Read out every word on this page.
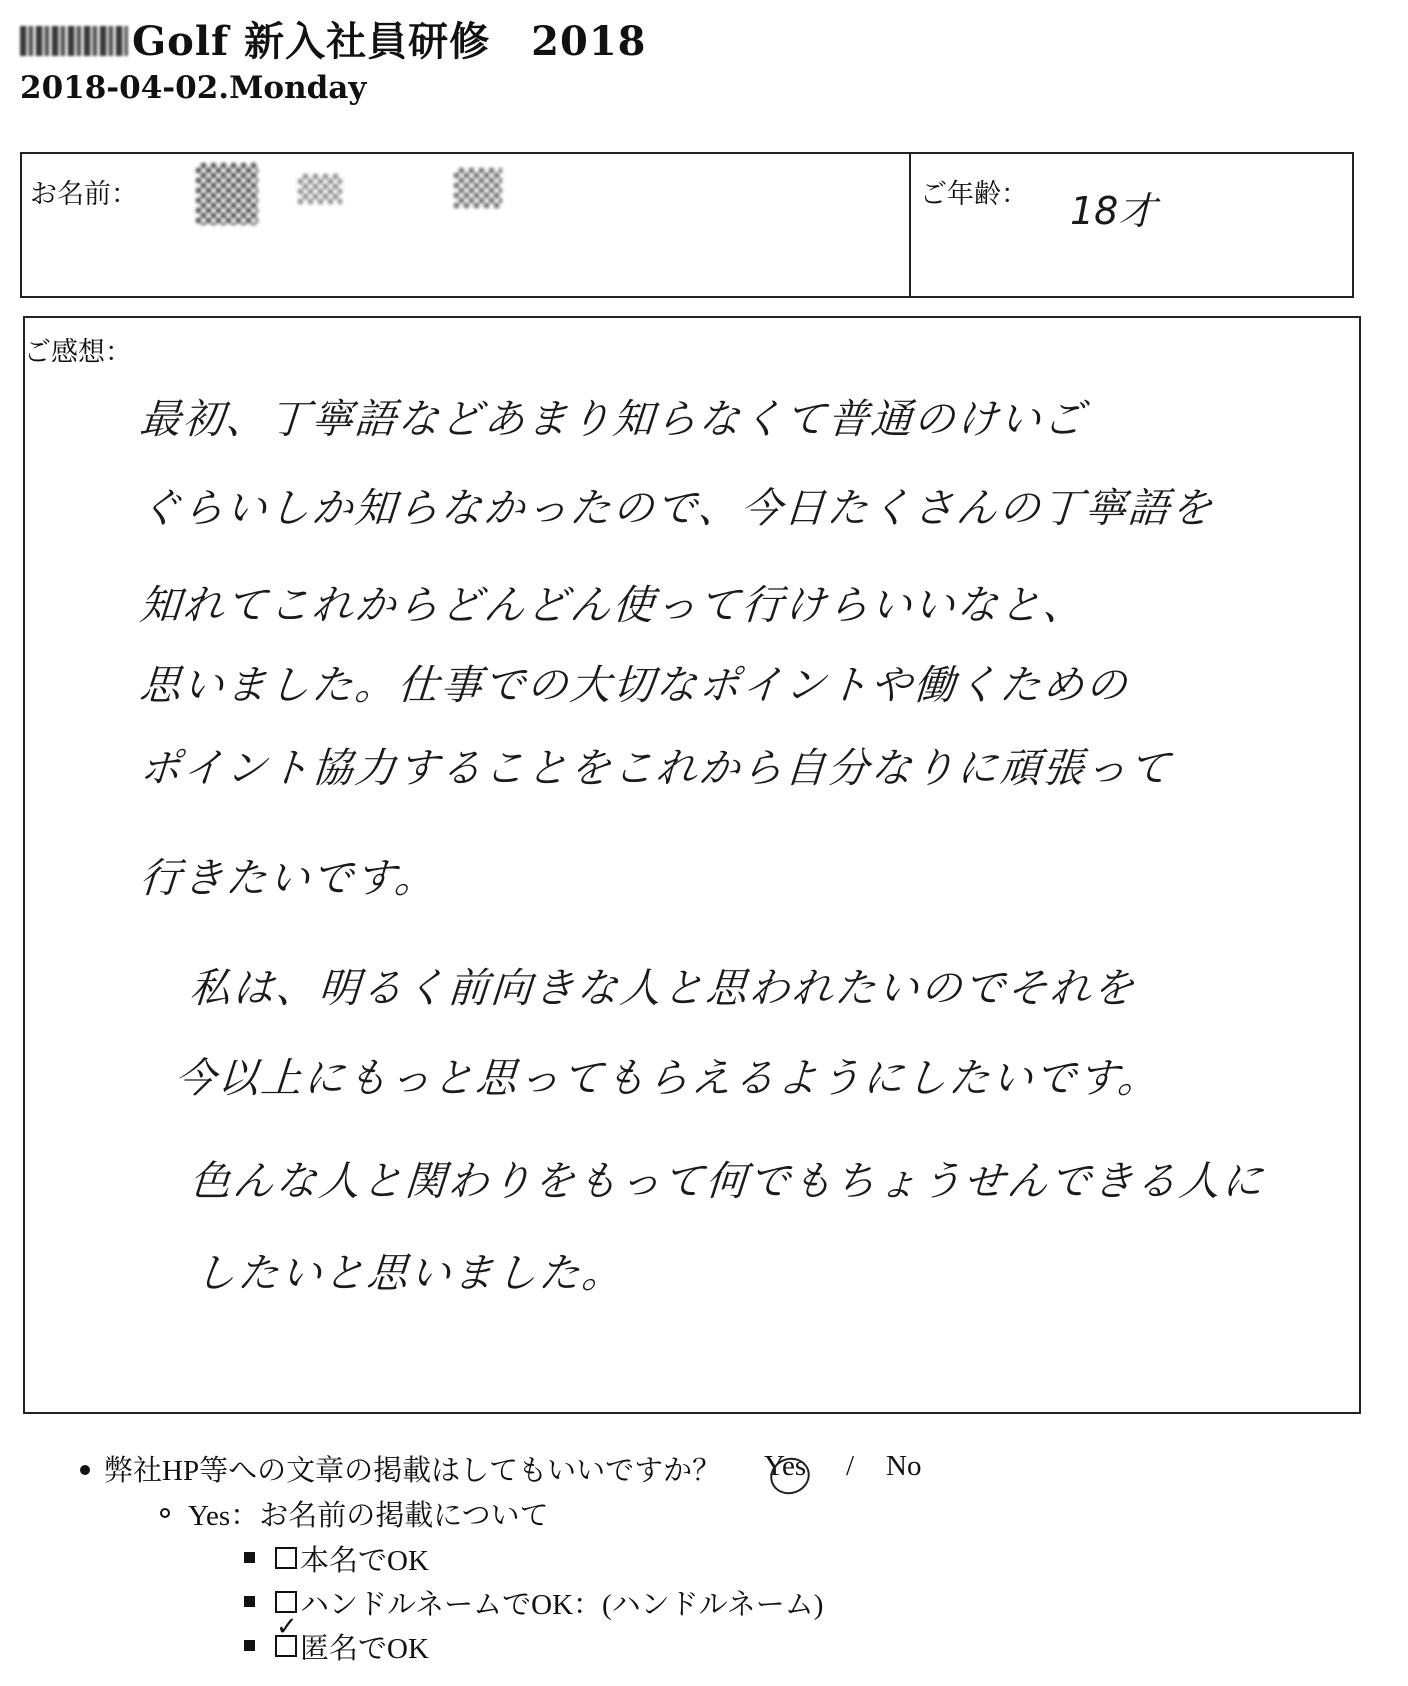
Golf 新入社員研修　2018
2018-04-02.Monday
お名前：	ご年齢： 18才
ご感想：
最初、丁寧語などあまり知らなくて普通のけいご
ぐらいしか知らなかったので、今日たくさんの丁寧語を
知れてこれからどんどん使って行けらいいなと、
思いました。仕事での大切なポイントや働くための
ポイント協力することをこれから自分なりに頑張って
行きたいです。
私は、明るく前向きな人と思われたいのでそれを
今以上にもっと思ってもらえるようにしたいです。
色んな人と関わりをもって何でもちょうせんできる人に
したいと思いました。
弊社HP等への文章の掲載はしてもいいですか？ Yes / No
Yes：お名前の掲載について
本名でOK
ハンドルネームでOK：(ハンドルネーム)
✓
匿名でOK
